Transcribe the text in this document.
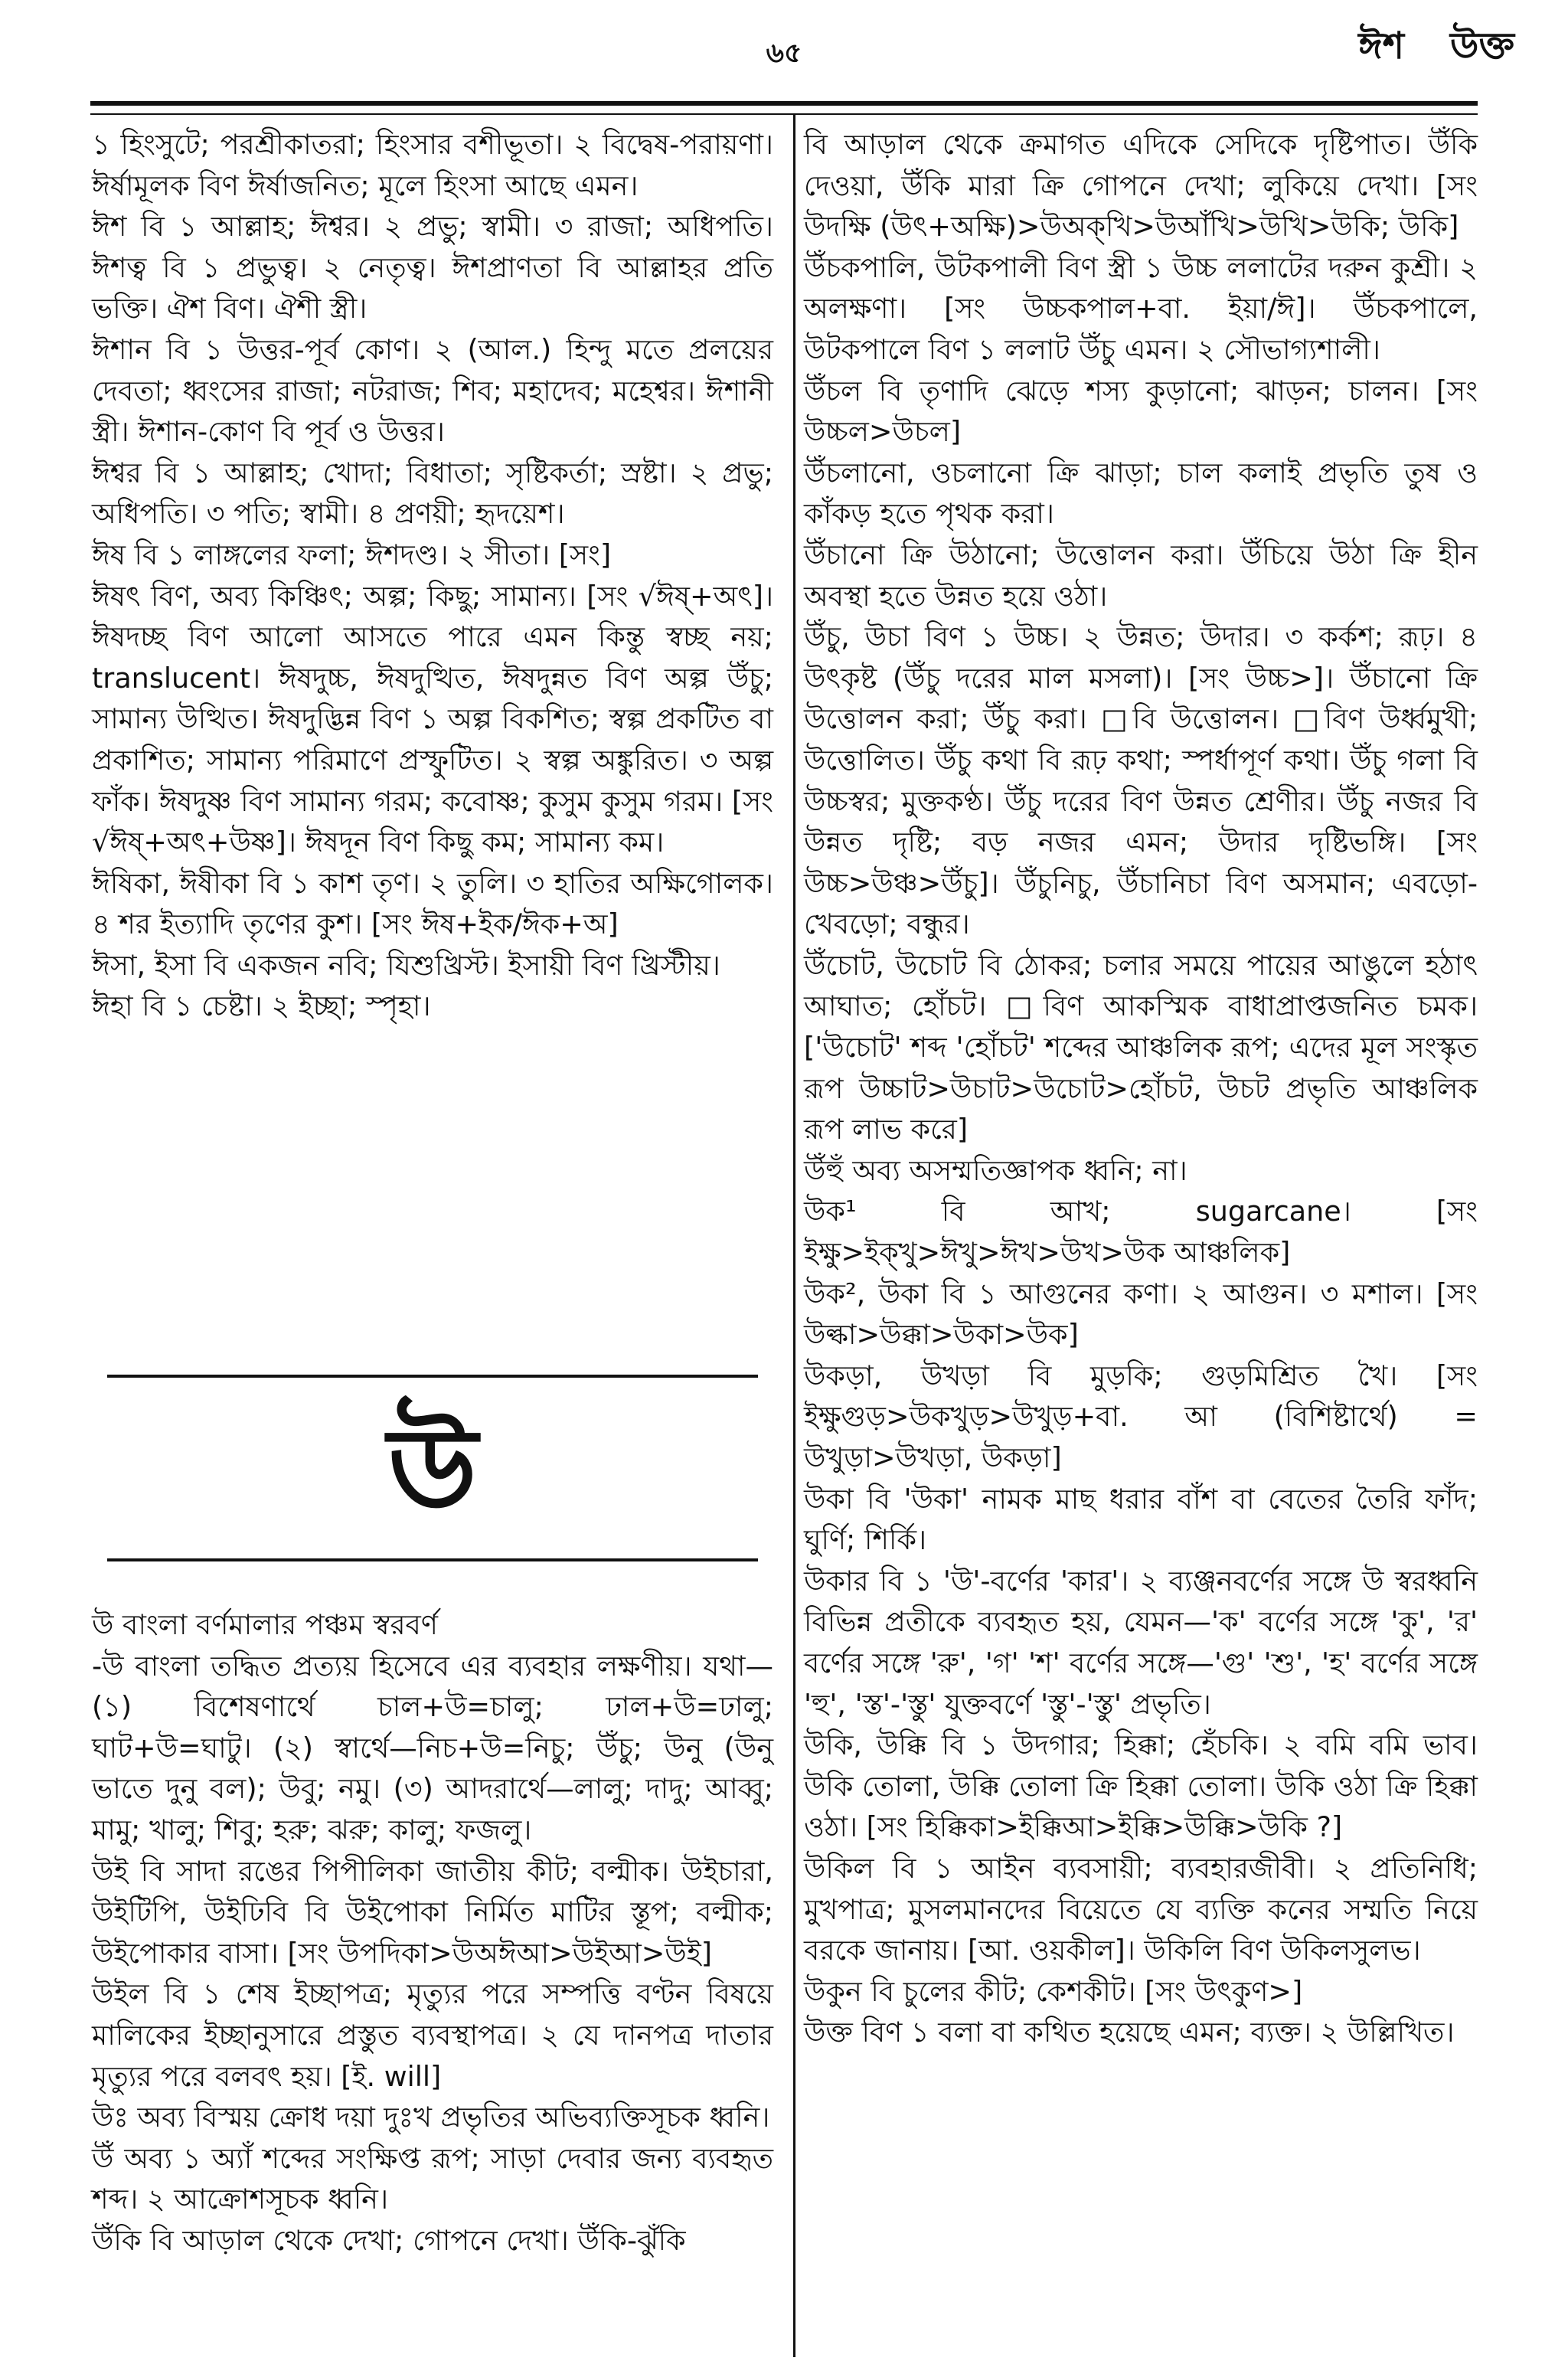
৬৫	ঈশ উক্ত

১ হিংসুটে; পরশ্রীকাতরা; হিংসার বশীভূতা। ২ বিদ্বেষ-পরায়ণা। ঈর্ষামূলক বিণ ঈর্ষাজনিত; মূলে হিংসা আছে এমন।

ঈশ বি ১ আল্লাহ; ঈশ্বর। ২ প্রভু; স্বামী। ৩ রাজা; অধিপতি। ঈশত্ব বি ১ প্রভুত্ব। ২ নেতৃত্ব। ঈশপ্রাণতা বি আল্লাহর প্রতি ভক্তি। ঐশ বিণ। ঐশী স্ত্রী।

ঈশান বি ১ উত্তর-পূর্ব কোণ। ২ (আল.) হিন্দু মতে প্রলয়ের দেবতা; ধ্বংসের রাজা; নটরাজ; শিব; মহাদেব; মহেশ্বর। ঈশানী স্ত্রী। ঈশান-কোণ বি পূর্ব ও উত্তর।

ঈশ্বর বি ১ আল্লাহ; খোদা; বিধাতা; সৃষ্টিকর্তা; স্রষ্টা। ২ প্রভু; অধিপতি। ৩ পতি; স্বামী। ৪ প্রণয়ী; হৃদয়েশ।

ঈষ বি ১ লাঙ্গলের ফলা; ঈশদণ্ড। ২ সীতা। [সং]

ঈষৎ বিণ, অব্য কিঞ্চিৎ; অল্প; কিছু; সামান্য। [সং √ঈষ্+অৎ]। ঈষদচ্ছ বিণ আলো আসতে পারে এমন কিন্তু স্বচ্ছ নয়; translucent। ঈষদুচ্চ, ঈষদুত্থিত, ঈষদুন্নত বিণ অল্প উঁচু; সামান্য উত্থিত। ঈষদুদ্ভিন্ন বিণ ১ অল্প বিকশিত; স্বল্প প্রকটিত বা প্রকাশিত; সামান্য পরিমাণে প্রস্ফুটিত। ২ স্বল্প অঙ্কুরিত। ৩ অল্প ফাঁক। ঈষদুষ্ণ বিণ সামান্য গরম; কবোষ্ণ; কুসুম কুসুম গরম। [সং √ঈষ্+অৎ+উষ্ণ]। ঈষদূন বিণ কিছু কম; সামান্য কম।

ঈষিকা, ঈষীকা বি ১ কাশ তৃণ। ২ তুলি। ৩ হাতির অক্ষিগোলক। ৪ শর ইত্যাদি তৃণের কুশ। [সং ঈষ+ইক/ঈক+অ]

ঈসা, ইসা বি একজন নবি; যিশুখ্রিস্ট। ইসায়ী বিণ খ্রিস্টীয়।

ঈহা বি ১ চেষ্টা। ২ ইচ্ছা; স্পৃহা।

উ

উ বাংলা বর্ণমালার পঞ্চম স্বরবর্ণ

-উ বাংলা তদ্ধিত প্রত্যয় হিসেবে এর ব্যবহার লক্ষণীয়। যথা—(১) বিশেষণার্থে চাল+উ=চালু; ঢাল+উ=ঢালু; ঘাট+উ=ঘাটু। (২) স্বার্থে—নিচ+উ=নিচু; উঁচু; উনু (উনু ভাতে দুনু বল); উবু; নমু। (৩) আদরার্থে—লালু; দাদু; আব্বু; মামু; খালু; শিবু; হরু; ঝরু; কালু; ফজলু।

উই বি সাদা রঙের পিপীলিকা জাতীয় কীট; বল্মীক। উইচারা, উইটিপি, উইঢিবি বি উইপোকা নির্মিত মাটির স্তূপ; বল্মীক; উইপোকার বাসা। [সং উপদিকা>উঅঈআ>উইআ>উই]

উইল বি ১ শেষ ইচ্ছাপত্র; মৃত্যুর পরে সম্পত্তি বণ্টন বিষয়ে মালিকের ইচ্ছানুসারে প্রস্তুত ব্যবস্থাপত্র। ২ যে দানপত্র দাতার মৃত্যুর পরে বলবৎ হয়। [ই. will]

উঃ অব্য বিস্ময় ক্রোধ দয়া দুঃখ প্রভৃতির অভিব্যক্তিসূচক ধ্বনি।

উঁ অব্য ১ অ্যাঁ শব্দের সংক্ষিপ্ত রূপ; সাড়া দেবার জন্য ব্যবহৃত শব্দ। ২ আক্রোশসূচক ধ্বনি।

উঁকি বি আড়াল থেকে দেখা; গোপনে দেখা। উঁকি-ঝুঁকি

বি আড়াল থেকে ক্রমাগত এদিকে সেদিকে দৃষ্টিপাত। উঁকি দেওয়া, উঁকি মারা ক্রি গোপনে দেখা; লুকিয়ে দেখা। [সং উদক্ষি (উৎ+অক্ষি)>উঅক্‌খি>উআঁখি>উখি>উকি; উকি]

উঁচকপালি, উটকপালী বিণ স্ত্রী ১ উচ্চ ললাটের দরুন কুশ্রী। ২ অলক্ষণা। [সং উচ্চকপাল+বা. ইয়া/ঈ]। উঁচকপালে, উটকপালে বিণ ১ ললাট উঁচু এমন। ২ সৌভাগ্যশালী।

উঁচল বি তৃণাদি ঝেড়ে শস্য কুড়ানো; ঝাড়ন; চালন। [সং উচ্চল>উচল]

উঁচলানো, ওচলানো ক্রি ঝাড়া; চাল কলাই প্রভৃতি তুষ ও কাঁকড় হতে পৃথক করা।

উঁচানো ক্রি উঠানো; উত্তোলন করা। উঁচিয়ে উঠা ক্রি হীন অবস্থা হতে উন্নত হয়ে ওঠা।

উঁচু, উচা বিণ ১ উচ্চ। ২ উন্নত; উদার। ৩ কর্কশ; রূঢ়। ৪ উৎকৃষ্ট (উঁচু দরের মাল মসলা)। [সং উচ্চ>]। উঁচানো ক্রি উত্তোলন করা; উঁচু করা। □বি উত্তোলন। □বিণ উর্ধ্বমুখী; উত্তোলিত। উঁচু কথা বি রূঢ় কথা; স্পর্ধাপূর্ণ কথা। উঁচু গলা বি উচ্চস্বর; মুক্তকণ্ঠ। উঁচু দরের বিণ উন্নত শ্রেণীর। উঁচু নজর বি উন্নত দৃষ্টি; বড় নজর এমন; উদার দৃষ্টিভঙ্গি। [সং উচ্চ>উঞ্চ>উঁচু]। উঁচুনিচু, উঁচানিচা বিণ অসমান; এবড়ো-খেবড়ো; বন্ধুর।

উঁচোট, উচোট বি ঠোকর; চলার সময়ে পায়ের আঙুলে হঠাৎ আঘাত; হোঁচট। □বিণ আকস্মিক বাধাপ্রাপ্তজনিত চমক। ['উচোট' শব্দ 'হোঁচট' শব্দের আঞ্চলিক রূপ; এদের মূল সংস্কৃত রূপ উচ্চাট>উচাট>উচোট>হোঁচট, উচট প্রভৃতি আঞ্চলিক রূপ লাভ করে]

উঁহুঁ অব্য অসম্মতিজ্ঞাপক ধ্বনি; না।

উক¹ বি আখ; sugarcane। [সং ইক্ষু>ইক্‌খু>ঈখু>ঈখ>উখ>উক আঞ্চলিক]

উক², উকা বি ১ আগুনের কণা। ২ আগুন। ৩ মশাল। [সং উল্কা>উক্কা>উকা>উক]

উকড়া, উখড়া বি মুড়কি; গুড়মিশ্রিত খৈ। [সং ইক্ষুগুড়>উকখুড়>উখুড়+বা. আ (বিশিষ্টার্থে) = উখুড়া>উখড়া, উকড়া]

উকা বি 'উকা' নামক মাছ ধরার বাঁশ বা বেতের তৈরি ফাঁদ; ঘুর্ণি; শির্কি।

উকার বি ১ 'উ'-বর্ণের 'কার'। ২ ব্যঞ্জনবর্ণের সঙ্গে উ স্বরধ্বনি বিভিন্ন প্রতীকে ব্যবহৃত হয়, যেমন—'ক' বর্ণের সঙ্গে 'কু', 'র' বর্ণের সঙ্গে 'রু', 'গ' 'শ' বর্ণের সঙ্গে—'গু' 'শু', 'হ' বর্ণের সঙ্গে 'হু', 'স্ত'-'স্তু' যুক্তবর্ণে 'স্তু'-'স্তু' প্রভৃতি।

উকি, উক্কি বি ১ উদগার; হিক্কা; হেঁচকি। ২ বমি বমি ভাব। উকি তোলা, উক্কি তোলা ক্রি হিক্কা তোলা। উকি ওঠা ক্রি হিক্কা ওঠা। [সং হিক্কিকা>ইক্কিআ>ইক্কি>উক্কি>উকি ?]

উকিল বি ১ আইন ব্যবসায়ী; ব্যবহারজীবী। ২ প্রতিনিধি; মুখপাত্র; মুসলমানদের বিয়েতে যে ব্যক্তি কনের সম্মতি নিয়ে বরকে জানায়। [আ. ওয়কীল]। উকিলি বিণ উকিলসুলভ।

উকুন বি চুলের কীট; কেশকীট। [সং উৎকুণ>]

উক্ত বিণ ১ বলা বা কথিত হয়েছে এমন; ব্যক্ত। ২ উল্লিখিত।
